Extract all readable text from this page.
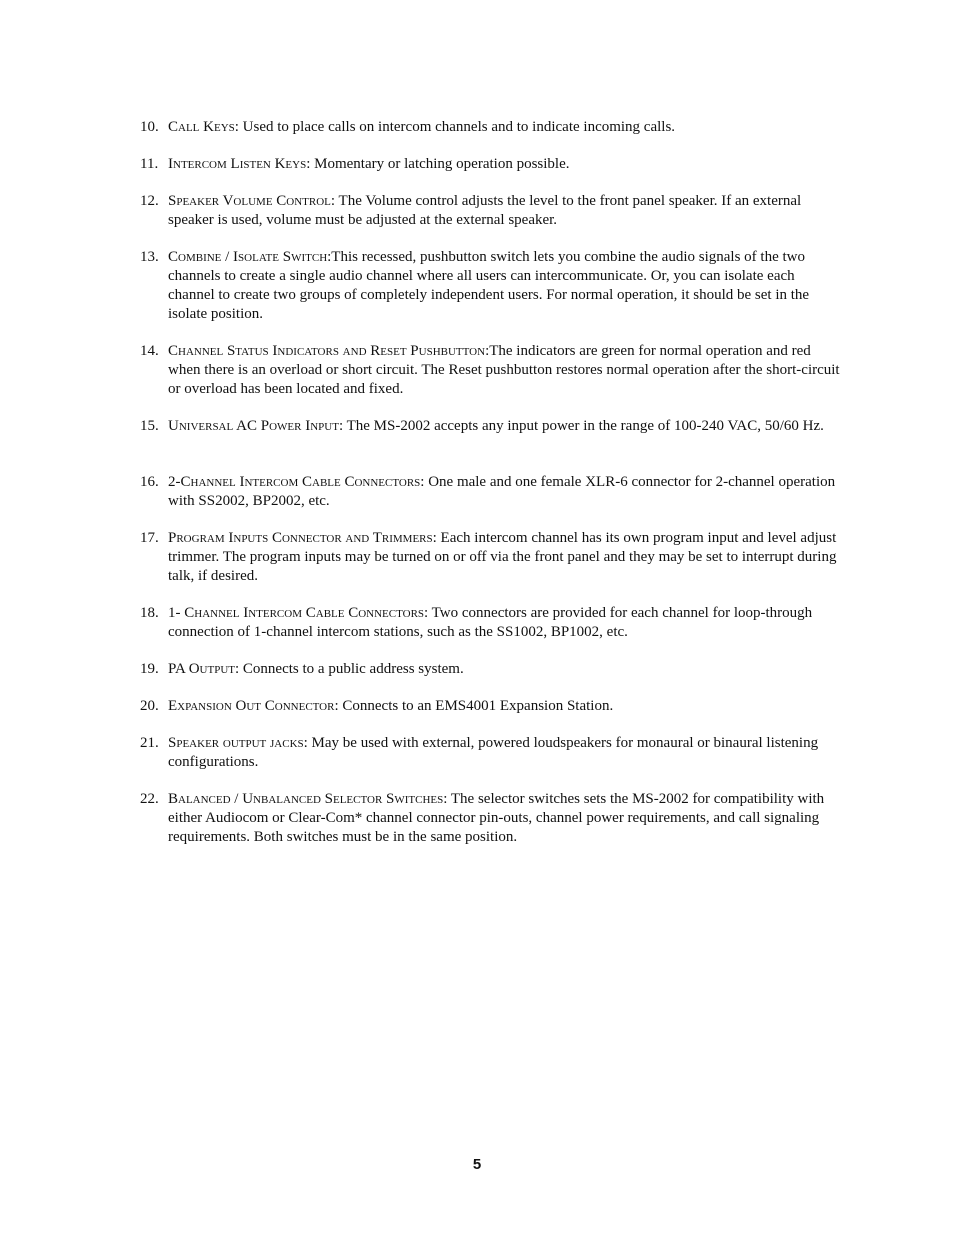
10. Call Keys: Used to place calls on intercom channels and to indicate incoming calls.
11. Intercom Listen Keys: Momentary or latching operation possible.
12. Speaker Volume Control: The Volume control adjusts the level to the front panel speaker. If an external speaker is used, volume must be adjusted at the external speaker.
13. Combine / Isolate Switch:This recessed, pushbutton switch lets you combine the audio signals of the two channels to create a single audio channel where all users can intercommunicate. Or, you can isolate each channel to create two groups of completely independent users. For normal operation, it should be set in the isolate position.
14. Channel Status Indicators and Reset Pushbutton:The indicators are green for normal operation and red when there is an overload or short circuit. The Reset pushbutton restores normal operation after the short-circuit or overload has been located and fixed.
15. Universal AC Power Input: The MS-2002 accepts any input power in the range of 100-240 VAC, 50/60 Hz.
16. 2-Channel Intercom Cable Connectors: One male and one female XLR-6 connector for 2-channel operation with SS2002, BP2002, etc.
17. Program Inputs Connector and Trimmers: Each intercom channel has its own program input and level adjust trimmer. The program inputs may be turned on or off via the front panel and they may be set to interrupt during talk, if desired.
18. 1- Channel Intercom Cable Connectors: Two connectors are provided for each channel for loop-through connection of 1-channel intercom stations, such as the SS1002, BP1002, etc.
19. PA Output: Connects to a public address system.
20. Expansion Out Connector: Connects to an EMS4001 Expansion Station.
21. Speaker output jacks: May be used with external, powered loudspeakers for monaural or binaural listening configurations.
22. Balanced / Unbalanced Selector Switches: The selector switches sets the MS-2002 for compatibility with either Audiocom or Clear-Com* channel connector pin-outs, channel power requirements, and call signaling requirements. Both switches must be in the same position.
5
